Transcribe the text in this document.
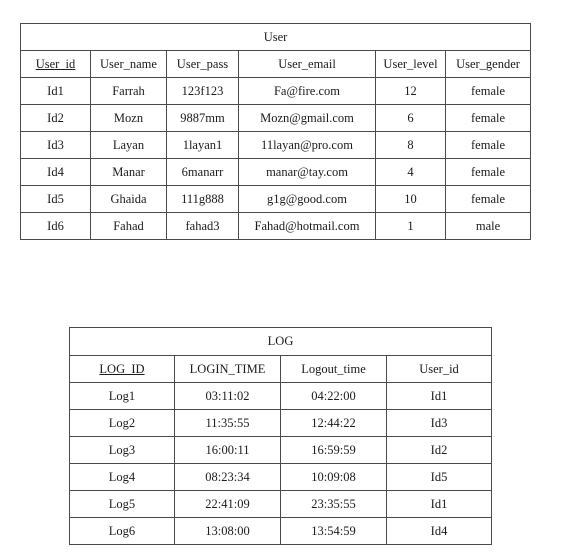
User					
User_id	User_name	User_pass	User_email	User_level	User_gender
Id1	Farrah	123f123	Fa@fire.com	12	female
Id2	Mozn	9887mm	Mozn@gmail.com	6	female
Id3	Layan	1layan1	11layan@pro.com	8	female
Id4	Manar	6manarr	manar@tay.com	4	female
Id5	Ghaida	111g888	g1g@good.com	10	female
Id6	Fahad	fahad3	Fahad@hotmail.com	1	male
LOG			
LOG_ID	LOGIN_TIME	Logout_time	User_id
Log1	03:11:02	04:22:00	Id1
Log2	11:35:55	12:44:22	Id3
Log3	16:00:11	16:59:59	Id2
Log4	08:23:34	10:09:08	Id5
Log5	22:41:09	23:35:55	Id1
Log6	13:08:00	13:54:59	Id4
